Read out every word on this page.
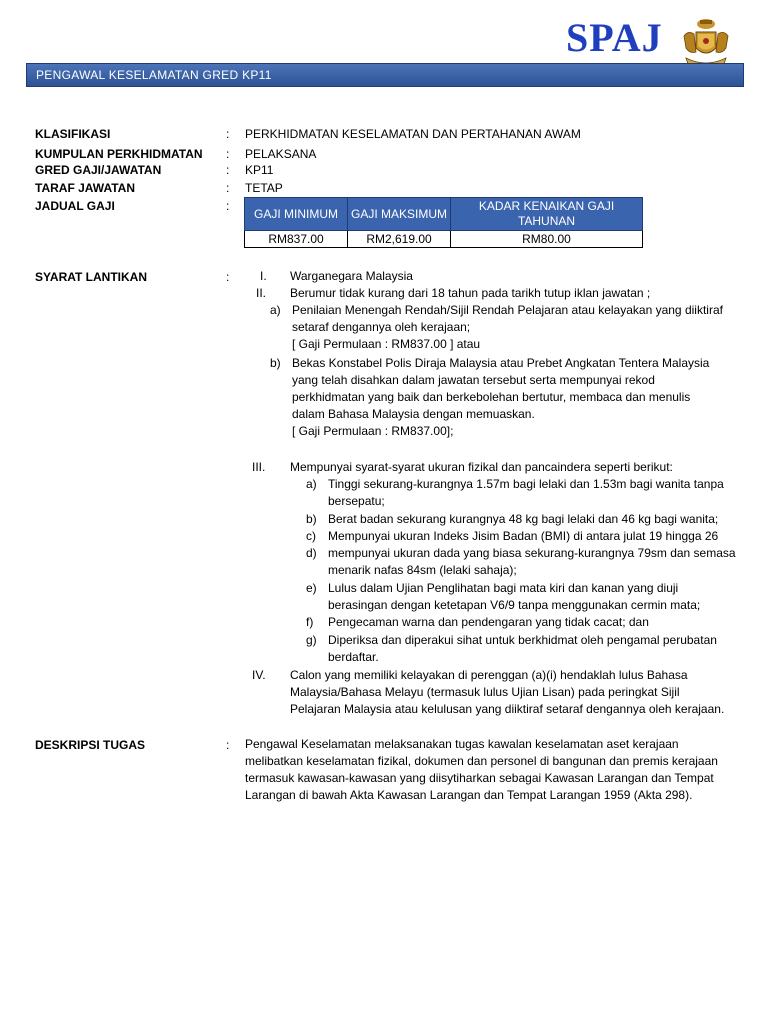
SPAJ
PENGAWAL KESELAMATAN GRED KP11
KLASIFIKASI	: PERKHIDMATAN KESELAMATAN DAN PERTAHANAN AWAM
KUMPULAN PERKHIDMATAN : PELAKSANA
GRED GAJI/JAWATAN	: KP11
TARAF JAWATAN	: TETAP
JADUAL GAJI	:
GAJI MINIMUM	GAJI MAKSIMUM	KADAR KENAIKAN GAJI TAHUNAN
RM837.00	RM2,619.00	RM80.00
SYARAT LANTIKAN	:	I. Warganegara Malaysia
II. Berumur tidak kurang dari 18 tahun pada tarikh tutup iklan jawatan ;
a) Penilaian Menengah Rendah/Sijil Rendah Pelajaran atau kelayakan yang diiktiraf
setaraf dengannya oleh kerajaan;
[ Gaji Permulaan : RM837.00 ] atau
b) Bekas Konstabel Polis Diraja Malaysia atau Prebet Angkatan Tentera Malaysia
yang telah disahkan dalam jawatan tersebut serta mempunyai rekod
perkhidmatan yang baik dan berkebolehan bertutur, membaca dan menulis
dalam Bahasa Malaysia dengan memuaskan.
[ Gaji Permulaan : RM837.00];
III. Mempunyai syarat-syarat ukuran fizikal dan pancaindera seperti berikut:
a) Tinggi sekurang-kurangnya 1.57m bagi lelaki dan 1.53m bagi wanita tanpa
bersepatu;
b) Berat badan sekurang kurangnya 48 kg bagi lelaki dan 46 kg bagi wanita;
c) Mempunyai ukuran Indeks Jisim Badan (BMI) di antara julat 19 hingga 26
d) mempunyai ukuran dada yang biasa sekurang-kurangnya 79sm dan semasa
menarik nafas 84sm (lelaki sahaja);
e) Lulus dalam Ujian Penglihatan bagi mata kiri dan kanan yang diuji
berasingan dengan ketetapan V6/9 tanpa menggunakan cermin mata;
f) Pengecaman warna dan pendengaran yang tidak cacat; dan
g) Diperiksa dan diperakui sihat untuk berkhidmat oleh pengamal perubatan
berdaftar.
IV. Calon yang memiliki kelayakan di perenggan (a)(i) hendaklah lulus Bahasa
Malaysia/Bahasa Melayu (termasuk lulus Ujian Lisan) pada peringkat Sijil
Pelajaran Malaysia atau kelulusan yang diiktiraf setaraf dengannya oleh kerajaan.
DESKRIPSI TUGAS	: Pengawal Keselamatan melaksanakan tugas kawalan keselamatan aset kerajaan
melibatkan keselamatan fizikal, dokumen dan personel di bangunan dan premis kerajaan
termasuk kawasan-kawasan yang diisytiharkan sebagai Kawasan Larangan dan Tempat
Larangan di bawah Akta Kawasan Larangan dan Tempat Larangan 1959 (Akta 298).
